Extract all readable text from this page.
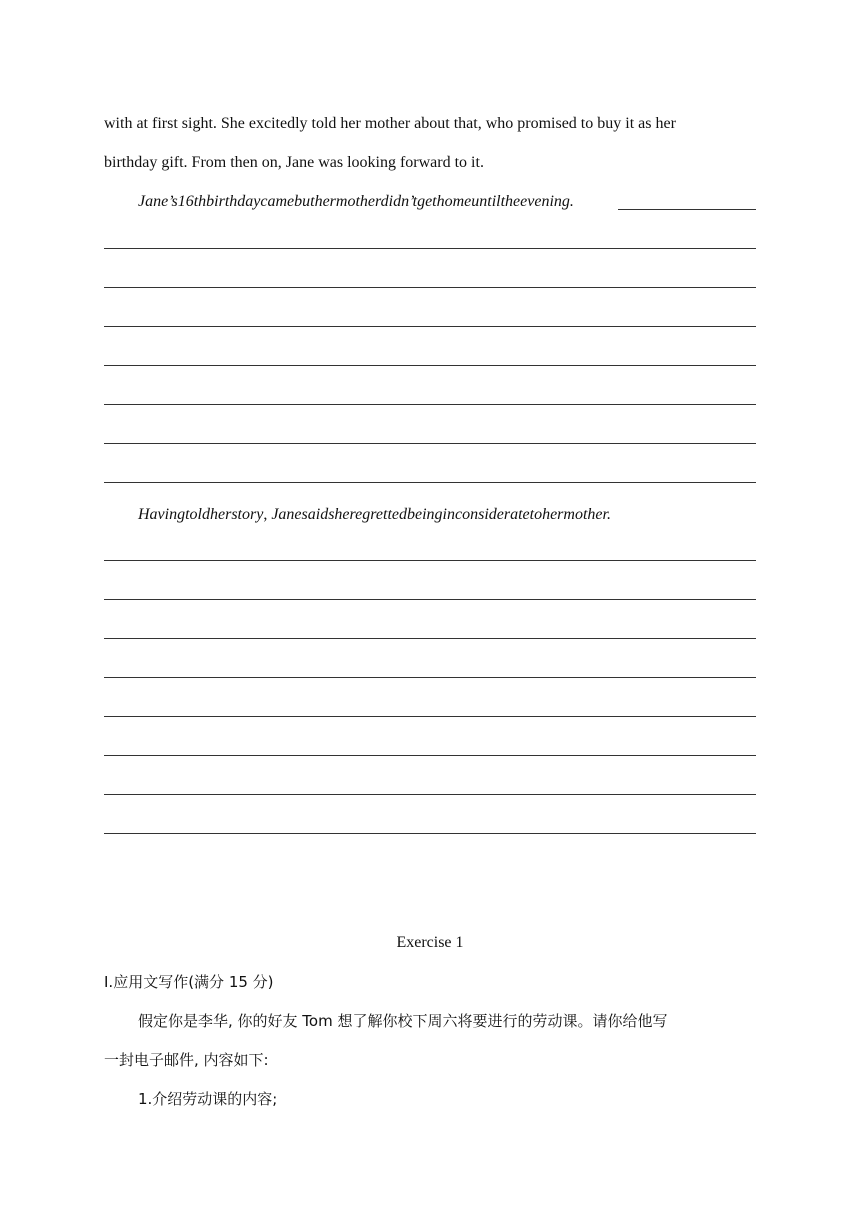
with at first sight. She excitedly told her mother about that, who promised to buy it as her
birthday gift. From then on, Jane was looking forward to it.
Jane’s16thbirthdaycamebuthermotherdidn’tgethomeuntiltheevening.
Havingtoldherstory, Janesaidsheregrettedbeinginconsideratetohermother.
Exercise 1
Ⅰ.应用文写作(满分 15 分)
假定你是李华, 你的好友 Tom 想了解你校下周六将要进行的劳动课。请你给他写
一封电子邮件, 内容如下:
1.介绍劳动课的内容;
